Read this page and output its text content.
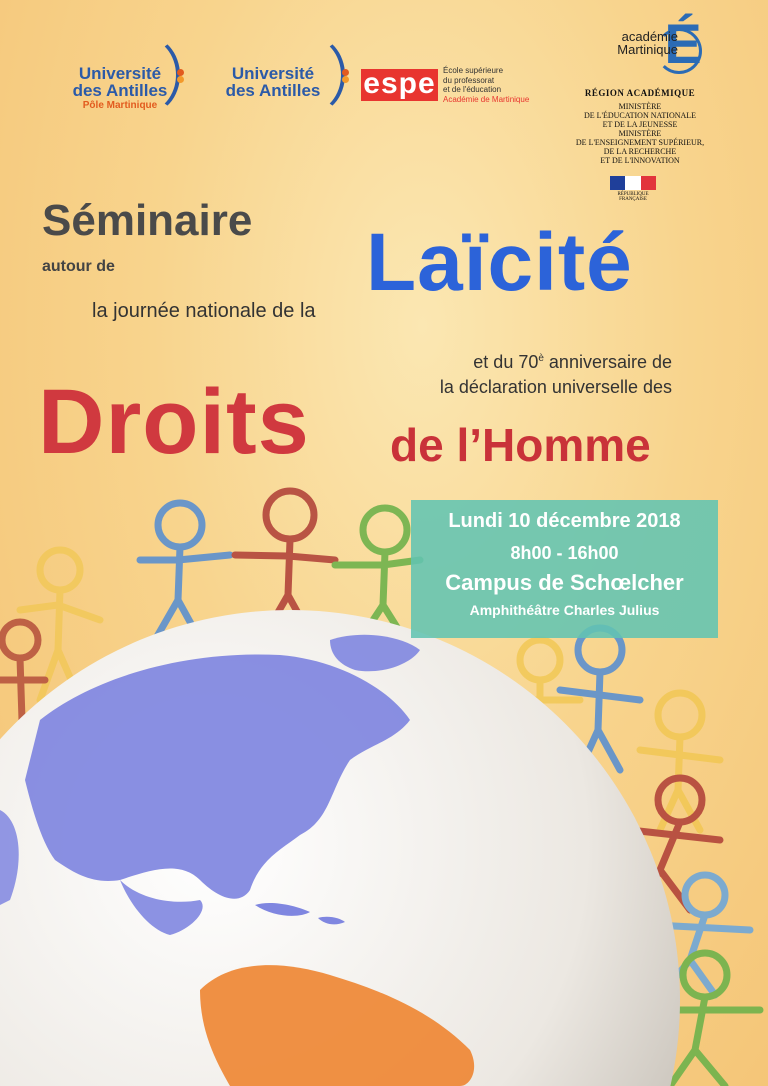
Université
des Antilles
Pôle Martinique
Université
des Antilles espe École supérieure
du professorat
et de l'éducation
Académie de Martinique
É
académie
Martinique
RÉGION ACADÉMIQUE
MINISTÈRE
DE L'ÉDUCATION NATIONALE
ET DE LA JEUNESSE
MINISTÈRE
DE L'ENSEIGNEMENT SUPÉRIEUR,
DE LA RECHERCHE
ET DE L'INNOVATION
RÉPUBLIQUE FRANÇAISE
Séminaire
autour de
la journée nationale de la
Laïcité
et du $70^è$ anniversaire de
la déclaration universelle des
Droits de l’Homme
Lundi 10 décembre 2018
8h00 - 16h00
Campus de Schœlcher
Amphithéâtre Charles Julius
